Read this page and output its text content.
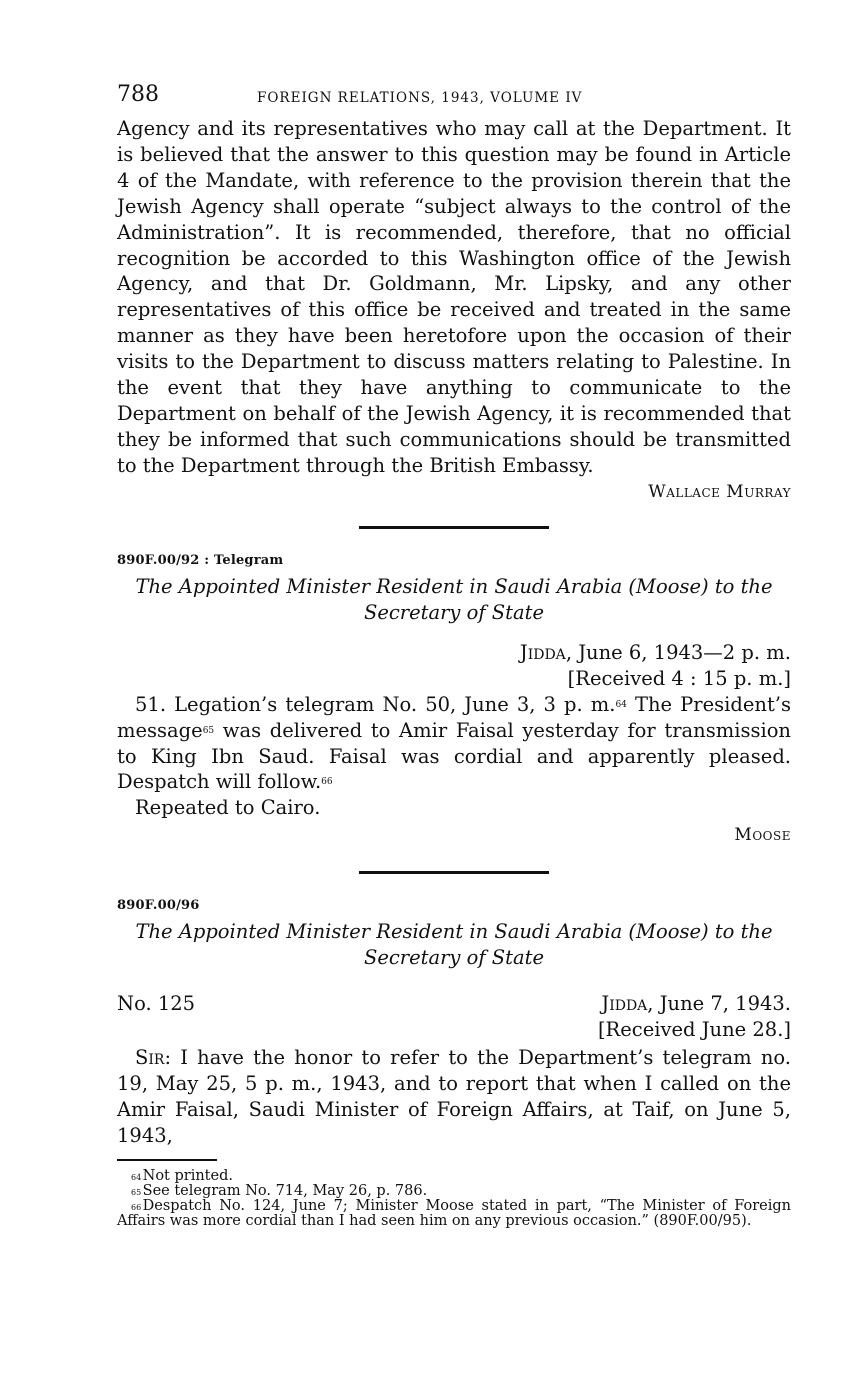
788	FOREIGN RELATIONS, 1943, VOLUME IV

Agency and its representatives who may call at the Department. It is believed that the answer to this question may be found in Article 4 of the Mandate, with reference to the provision therein that the Jewish Agency shall operate “subject always to the control of the Administration”. It is recommended, therefore, that no official recognition be accorded to this Washington office of the Jewish Agency, and that Dr. Goldmann, Mr. Lipsky, and any other representatives of this office be received and treated in the same manner as they have been heretofore upon the occasion of their visits to the Department to discuss matters relating to Palestine. In the event that they have anything to communicate to the Department on behalf of the Jewish Agency, it is recommended that they be informed that such communications should be transmitted to the Department through the British Embassy.

Wallace Murray
890F.00/92 : Telegram
The Appointed Minister Resident in Saudi Arabia (Moose) to the
Secretary of State
Jidda, June 6, 1943—2 p. m.
[Received 4 : 15 p. m.]

51. Legation’s telegram No. 50, June 3, 3 p. m.$^{64}$ The President’s message$^{65}$ was delivered to Amir Faisal yesterday for transmission to King Ibn Saud. Faisal was cordial and apparently pleased. Despatch will follow.$^{66}$

Repeated to Cairo.

Moose
890F.00/96
The Appointed Minister Resident in Saudi Arabia (Moose) to the
Secretary of State
No. 125	Jidda, June 7, 1943.
[Received June 28.]

Sir: I have the honor to refer to the Department’s telegram no. 19, May 25, 5 p. m., 1943, and to report that when I called on the Amir Faisal, Saudi Minister of Foreign Affairs, at Taif, on June 5, 1943,

$^{64}$ Not printed.
$^{65}$ See telegram No. 714, May 26, p. 786.
$^{66}$ Despatch No. 124, June 7; Minister Moose stated in part, “The Minister of Foreign Affairs was more cordial than I had seen him on any previous occasion.” (890F.00/95).
